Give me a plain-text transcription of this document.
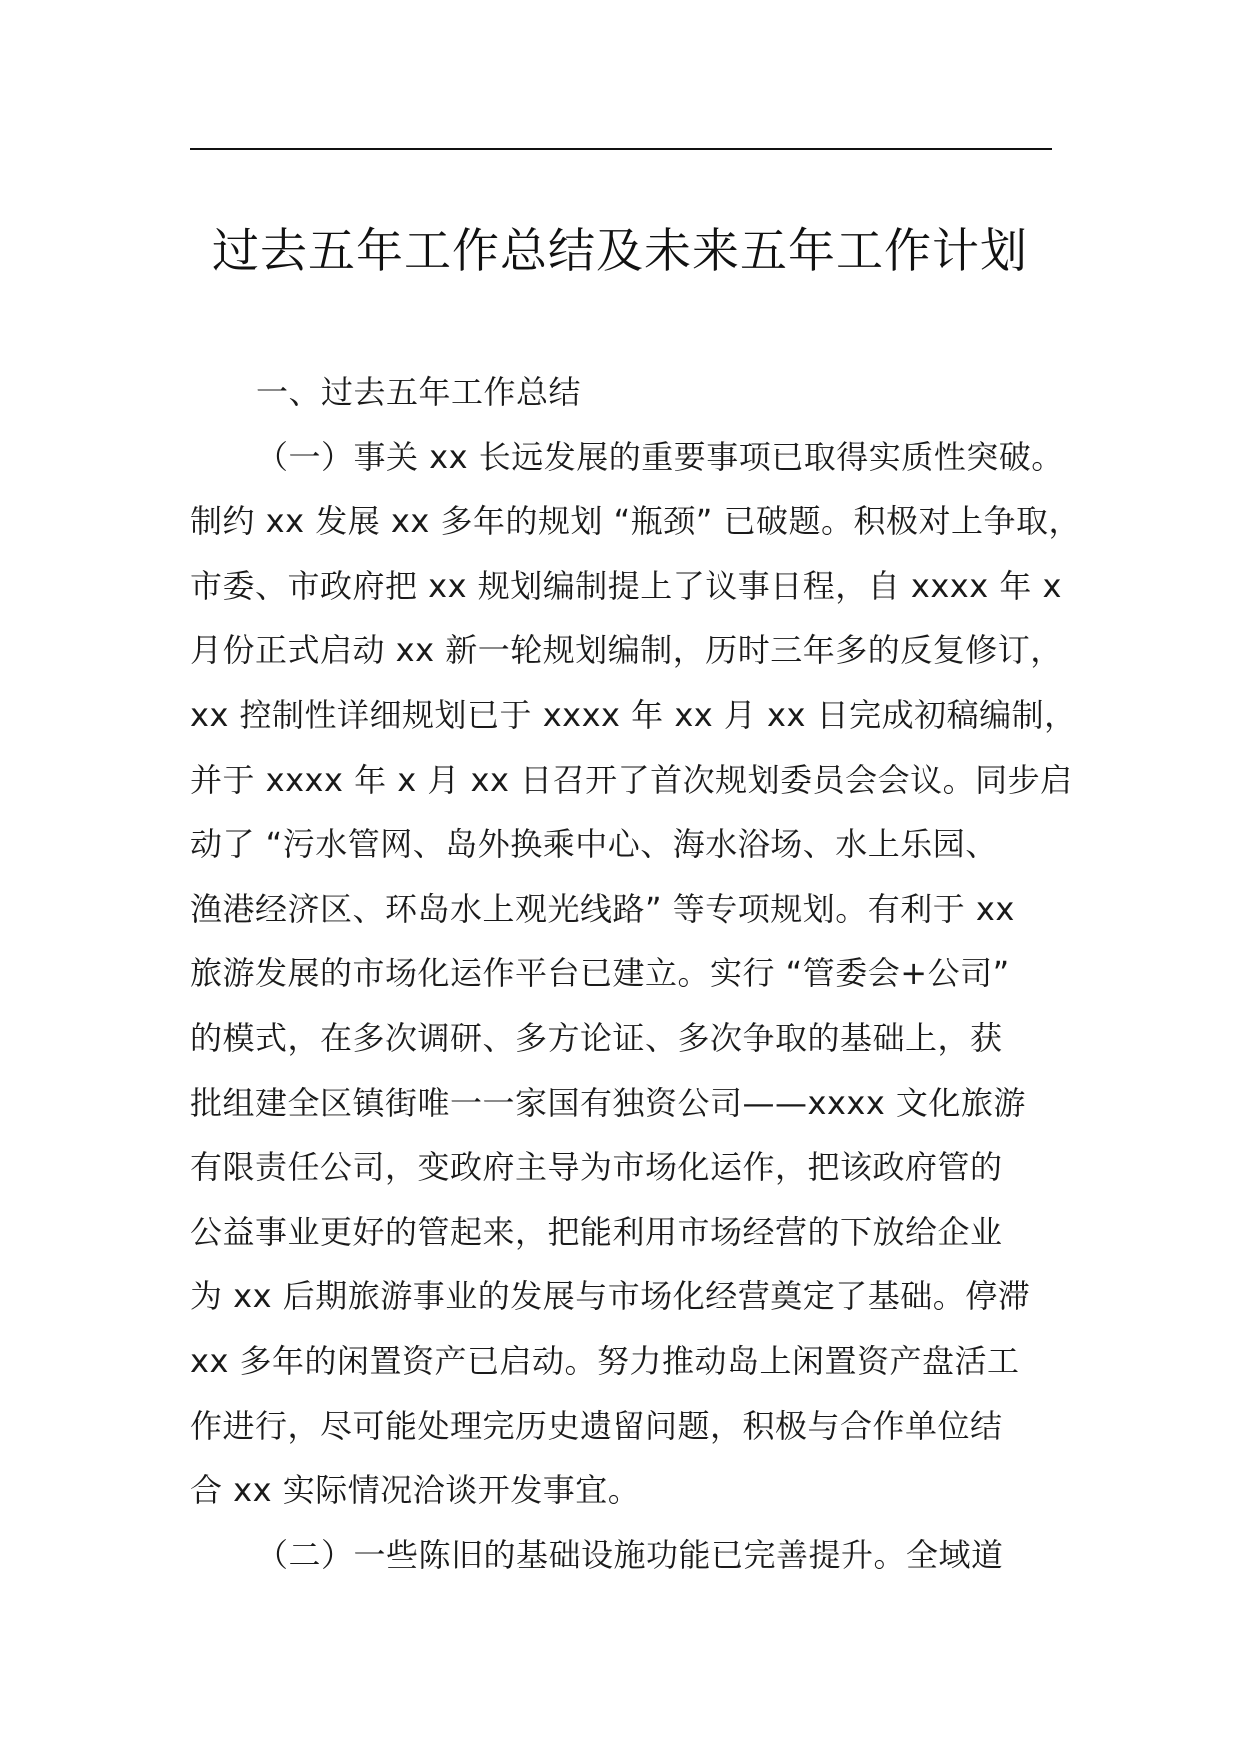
过去五年工作总结及未来五年工作计划
一、过去五年工作总结
（一）事关 xx 长远发展的重要事项已取得实质性突破。
制约 xx 发展 xx 多年的规划 “瓶颈” 已破题。积极对上争取，
市委、市政府把 xx 规划编制提上了议事日程，自 xxxx 年 x
月份正式启动 xx 新一轮规划编制，历时三年多的反复修订，
xx 控制性详细规划已于 xxxx 年 xx 月 xx 日完成初稿编制，
并于 xxxx 年 x 月 xx 日召开了首次规划委员会会议。同步启
动了 “污水管网、岛外换乘中心、海水浴场、水上乐园、
渔港经济区、环岛水上观光线路” 等专项规划。有利于 xx
旅游发展的市场化运作平台已建立。实行 “管委会+公司”
的模式，在多次调研、多方论证、多次争取的基础上，获
批组建全区镇街唯一一家国有独资公司——xxxx 文化旅游
有限责任公司，变政府主导为市场化运作，把该政府管的
公益事业更好的管起来，把能利用市场经营的下放给企业
为 xx 后期旅游事业的发展与市场化经营奠定了基础。停滞
xx 多年的闲置资产已启动。努力推动岛上闲置资产盘活工
作进行，尽可能处理完历史遗留问题，积极与合作单位结
合 xx 实际情况洽谈开发事宜。
（二）一些陈旧的基础设施功能已完善提升。全域道
